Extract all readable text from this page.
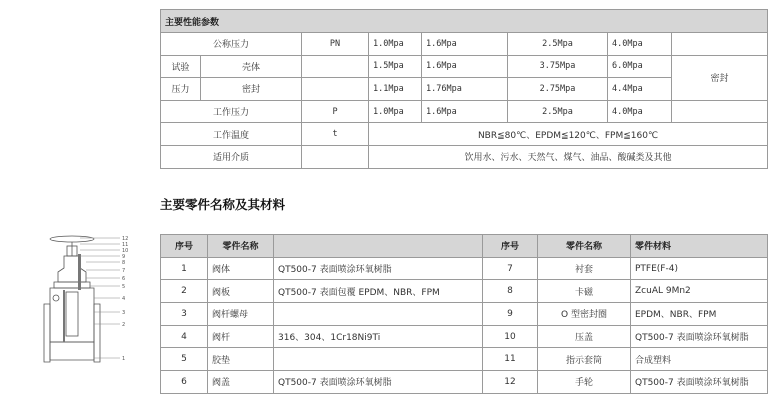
主要性能参数							
公称压力		PN	1.0Mpa	1.6Mpa	2.5Mpa	4.0Mpa	
试验	壳体		1.5Mpa	1.6Mpa	3.75Mpa	6.0Mpa	密封
压力	密封		1.1Mpa	1.76Mpa	2.75Mpa	4.4Mpa	
工作压力		P	1.0Mpa	1.6Mpa	2.5Mpa	4.0Mpa	
工作温度		t	NBR≦80℃、EPDM≦120℃、FPM≦160℃				
适用介质			饮用水、污水、天然气、煤气、油品、酸碱类及其他				
主要零件名称及其材料
12
11
10
9
8
7
6
5
4
3
2
1
序号	零件名称		序号	零件名称	零件材料
1	阀体	QT500-7 表面喷涂环氧树脂	7	衬套	PTFE(F-4)
2	阀板	QT500-7 表面包覆 EPDM、NBR、FPM	8	卡磁	ZcuAL 9Mn2
3	阀杆螺母		9	O 型密封圈	EPDM、NBR、FPM
4	阀杆	316、304、1Cr18Ni9Ti	10	压盖	QT500-7 表面喷涂环氧树脂
5	胶垫		11	指示套筒	合成塑料
6	阀盖	QT500-7 表面喷涂环氧树脂	12	手轮	QT500-7 表面喷涂环氧树脂
